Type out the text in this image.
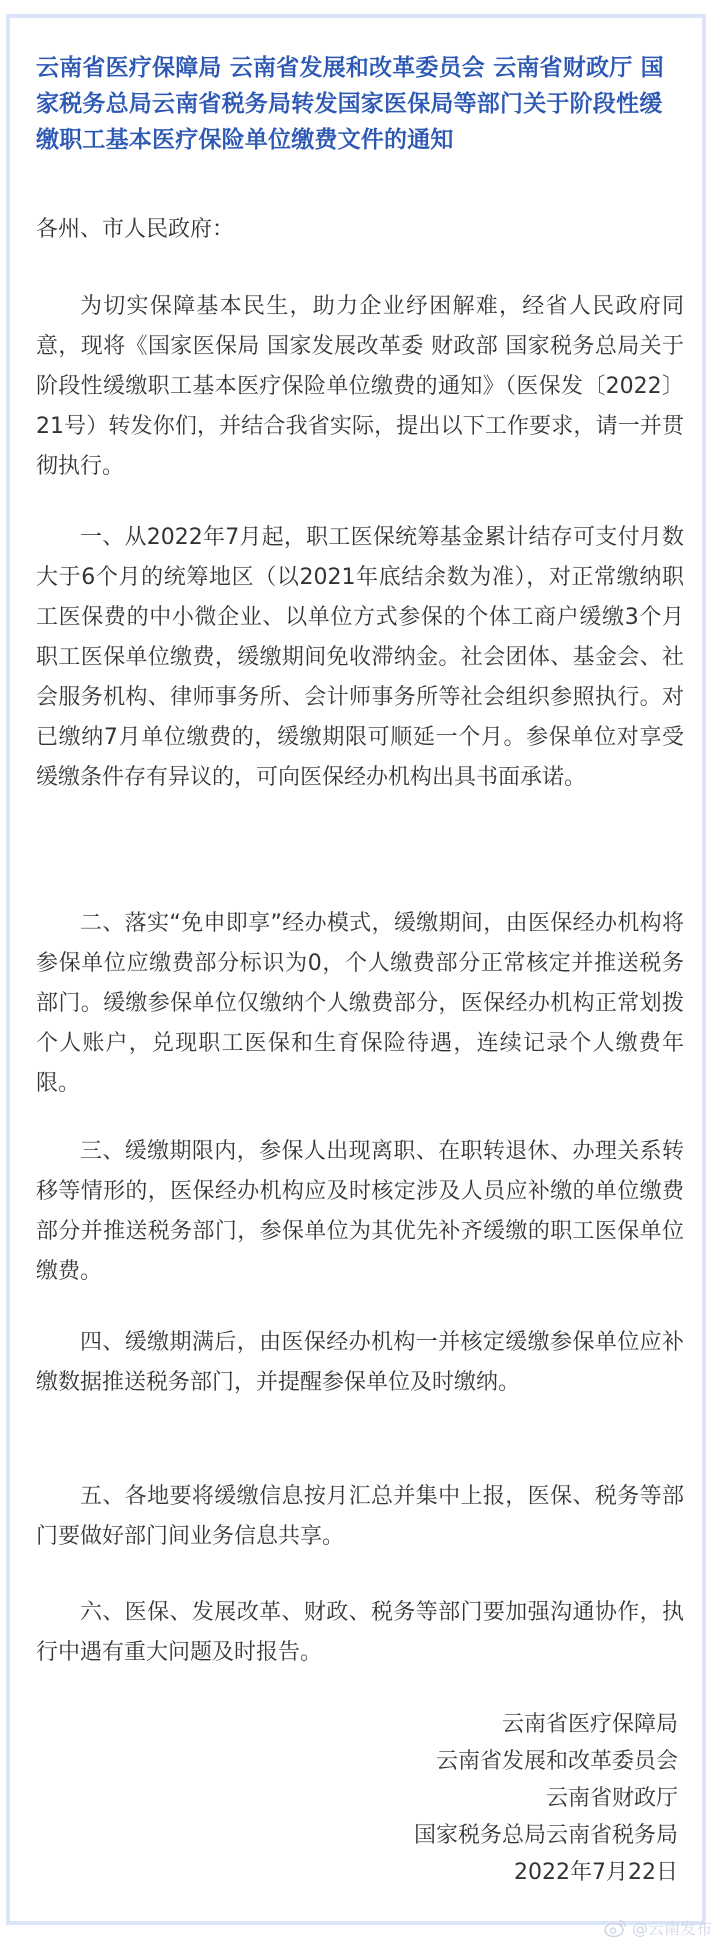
云南省医疗保障局 云南省发展和改革委员会 云南省财政厅 国家税务总局云南省税务局转发国家医保局等部门关于阶段性缓缴职工基本医疗保险单位缴费文件的通知

各州、市人民政府：

为切实保障基本民生，助力企业纾困解难，经省人民政府同意，现将《国家医保局 国家发展改革委 财政部 国家税务总局关于阶段性缓缴职工基本医疗保险单位缴费的通知》（医保发〔2022〕21号）转发你们，并结合我省实际，提出以下工作要求，请一并贯彻执行。

一、从2022年7月起，职工医保统筹基金累计结存可支付月数大于6个月的统筹地区（以2021年底结余数为准），对正常缴纳职工医保费的中小微企业、以单位方式参保的个体工商户缓缴3个月职工医保单位缴费，缓缴期间免收滞纳金。社会团体、基金会、社会服务机构、律师事务所、会计师事务所等社会组织参照执行。对已缴纳7月单位缴费的，缓缴期限可顺延一个月。参保单位对享受缓缴条件存有异议的，可向医保经办机构出具书面承诺。

二、落实“免申即享”经办模式，缓缴期间，由医保经办机构将参保单位应缴费部分标识为0，个人缴费部分正常核定并推送税务部门。缓缴参保单位仅缴纳个人缴费部分，医保经办机构正常划拨个人账户，兑现职工医保和生育保险待遇，连续记录个人缴费年限。

三、缓缴期限内，参保人出现离职、在职转退休、办理关系转移等情形的，医保经办机构应及时核定涉及人员应补缴的单位缴费部分并推送税务部门，参保单位为其优先补齐缓缴的职工医保单位缴费。

四、缓缴期满后，由医保经办机构一并核定缓缴参保单位应补缴数据推送税务部门，并提醒参保单位及时缴纳。

五、各地要将缓缴信息按月汇总并集中上报，医保、税务等部门要做好部门间业务信息共享。

六、医保、发展改革、财政、税务等部门要加强沟通协作，执行中遇有重大问题及时报告。

云南省医疗保障局
云南省发展和改革委员会
云南省财政厅
国家税务总局云南省税务局
2022年7月22日
@云南发布
